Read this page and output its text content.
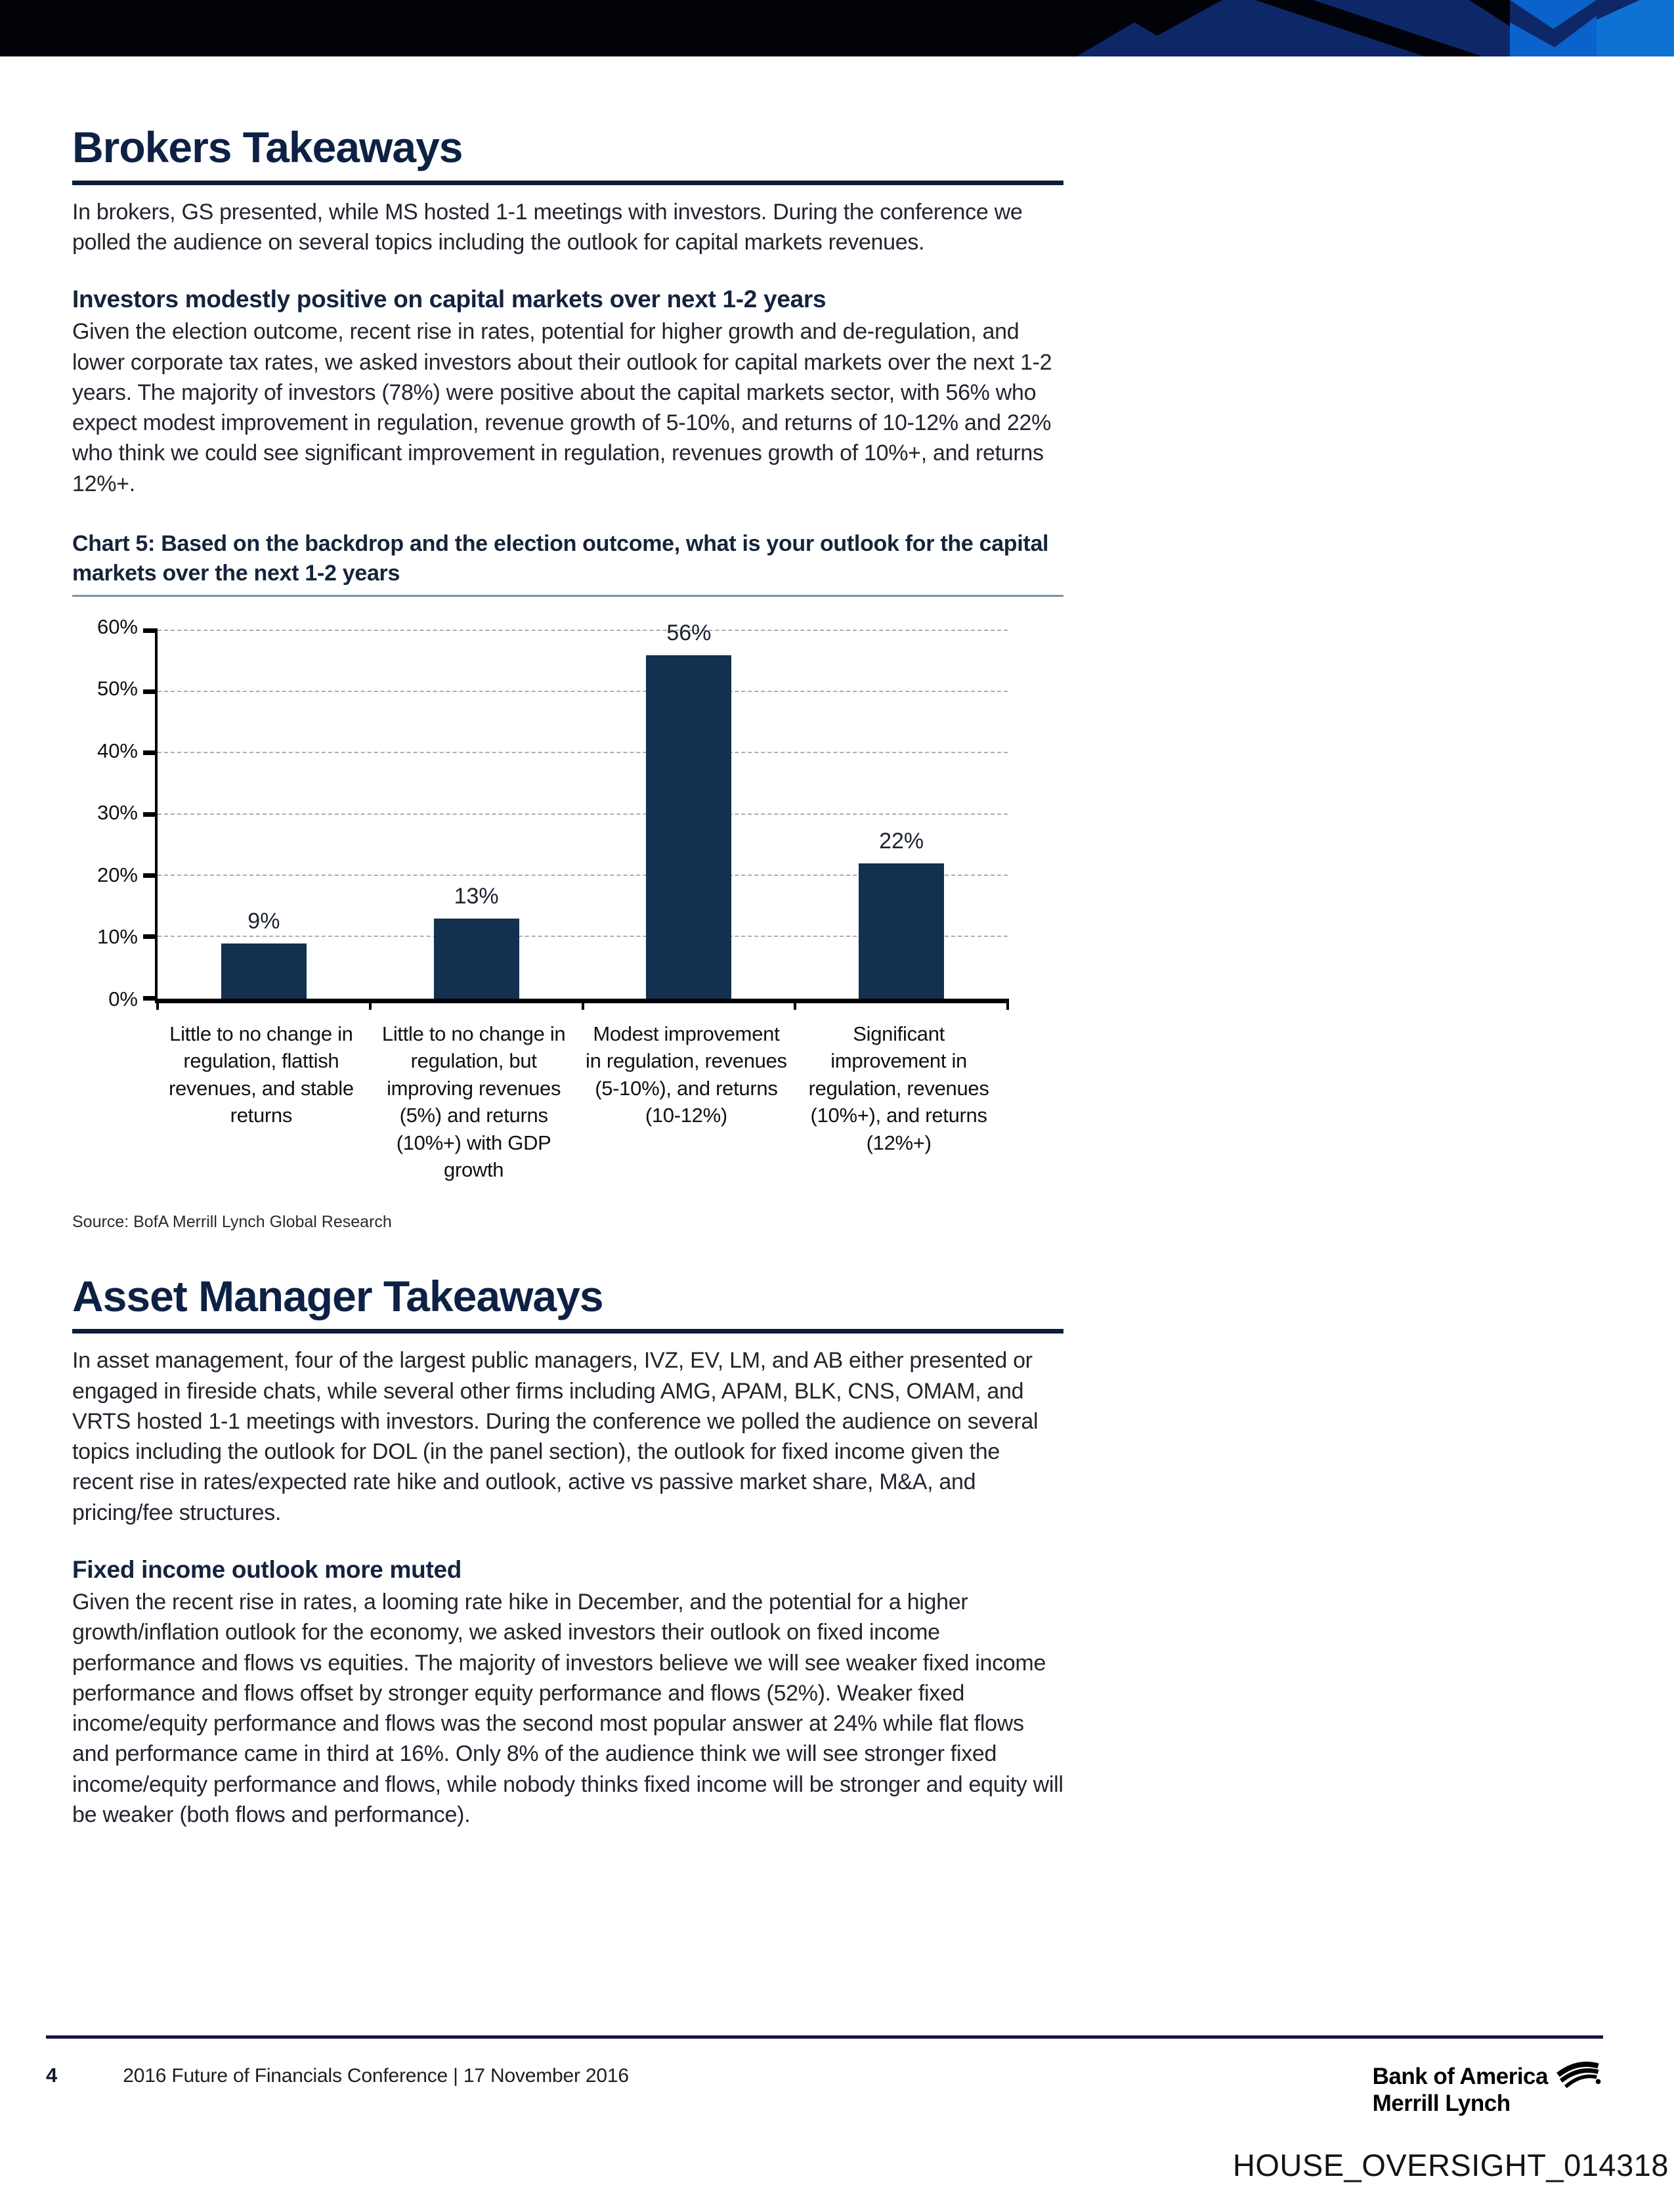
Brokers Takeaways

In brokers, GS presented, while MS hosted 1-1 meetings with investors. During the conference we polled the audience on several topics including the outlook for capital markets revenues.

Investors modestly positive on capital markets over next 1-2 years

Given the election outcome, recent rise in rates, potential for higher growth and de-regulation, and lower corporate tax rates, we asked investors about their outlook for capital markets over the next 1-2 years. The majority of investors (78%) were positive about the capital markets sector, with 56% who expect modest improvement in regulation, revenue growth of 5-10%, and returns of 10-12% and 22% who think we could see significant improvement in regulation, revenues growth of 10%+, and returns 12%+.

Chart 5: Based on the backdrop and the election outcome, what is your outlook for the capital markets over the next 1-2 years
9%
13%
56%
22%
0%
10%
20%
30%
40%
50%
60%
Little to no change in regulation, flattish revenues, and stable returns
Little to no change in regulation, but improving revenues (5%) and returns (10%+) with GDP growth
Modest improvement in regulation, revenues (5-10%), and returns (10-12%)
Significant improvement in regulation, revenues (10%+), and returns (12%+)

Source: BofA Merrill Lynch Global Research

Asset Manager Takeaways

In asset management, four of the largest public managers, IVZ, EV, LM, and AB either presented or engaged in fireside chats, while several other firms including AMG, APAM, BLK, CNS, OMAM, and VRTS hosted 1-1 meetings with investors. During the conference we polled the audience on several topics including the outlook for DOL (in the panel section), the outlook for fixed income given the recent rise in rates/expected rate hike and outlook, active vs passive market share, M&A, and pricing/fee structures.

Fixed income outlook more muted

Given the recent rise in rates, a looming rate hike in December, and the potential for a higher growth/inflation outlook for the economy, we asked investors their outlook on fixed income performance and flows vs equities. The majority of investors believe we will see weaker fixed income performance and flows offset by stronger equity performance and flows (52%). Weaker fixed income/equity performance and flows was the second most popular answer at 24% while flat flows and performance came in third at 16%. Only 8% of the audience think we will see stronger fixed income/equity performance and flows, while nobody thinks fixed income will be stronger and equity will be weaker (both flows and performance).

4	2016 Future of Financials Conference | 17 November 2016	Bank of America
Merrill Lynch
HOUSE_OVERSIGHT_014318
